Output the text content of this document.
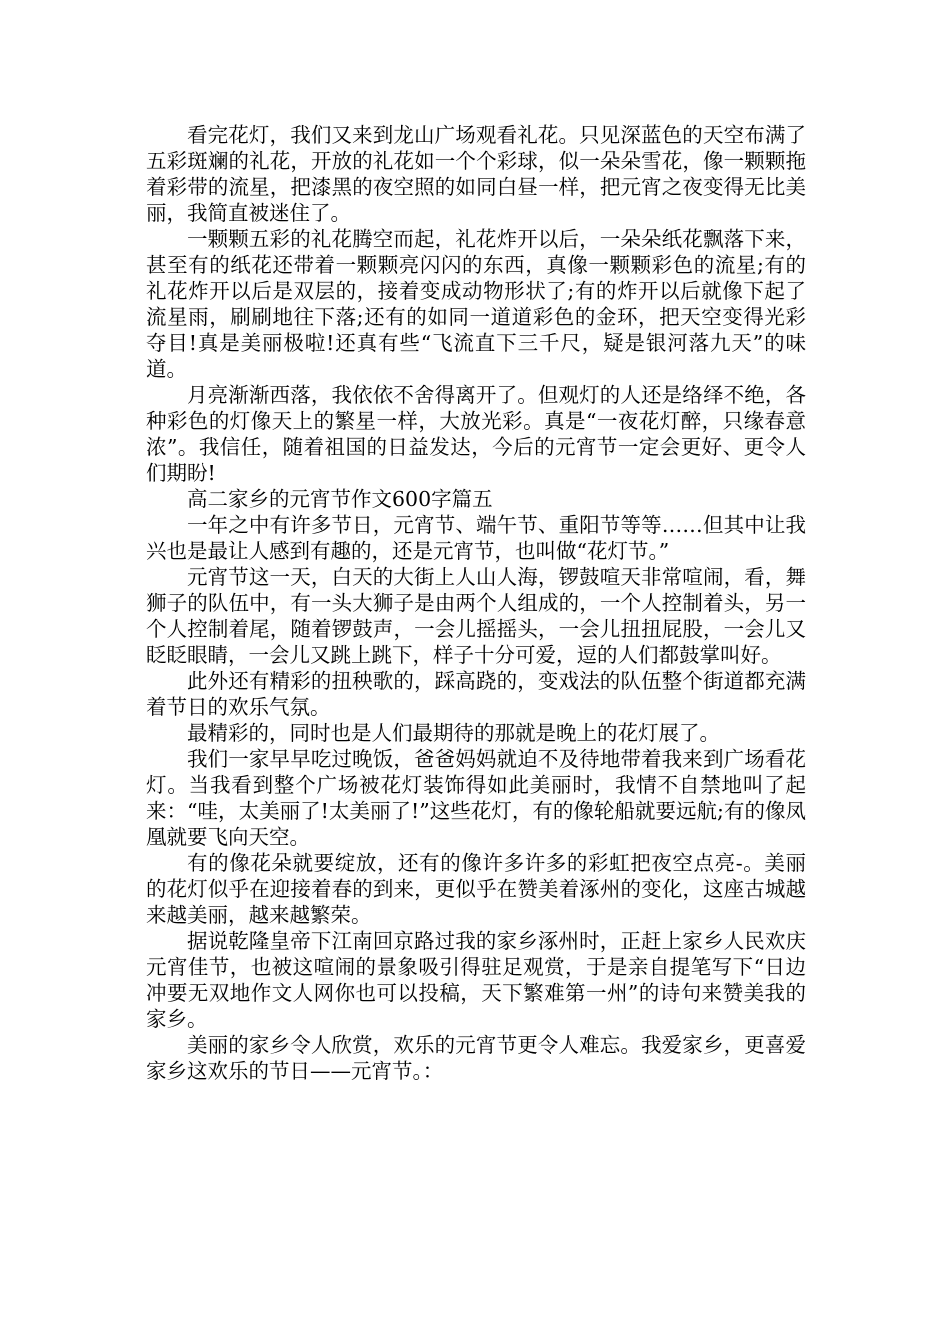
看完花灯，我们又来到龙山广场观看礼花。只见深蓝色的天空布满了五彩斑斓的礼花，开放的礼花如一个个彩球，似一朵朵雪花，像一颗颗拖着彩带的流星，把漆黑的夜空照的如同白昼一样，把元宵之夜变得无比美丽，我简直被迷住了。

一颗颗五彩的礼花腾空而起，礼花炸开以后，一朵朵纸花飘落下来，甚至有的纸花还带着一颗颗亮闪闪的东西，真像一颗颗彩色的流星;有的礼花炸开以后是双层的，接着变成动物形状了;有的炸开以后就像下起了流星雨，刷刷地往下落;还有的如同一道道彩色的金环，把天空变得光彩夺目!真是美丽极啦!还真有些“飞流直下三千尺，疑是银河落九天”的味道。

月亮渐渐西落，我依依不舍得离开了。但观灯的人还是络绎不绝，各种彩色的灯像天上的繁星一样，大放光彩。真是“一夜花灯醉，只缘春意浓”。我信任，随着祖国的日益发达，今后的元宵节一定会更好、更令人们期盼!

高二家乡的元宵节作文600字篇五

一年之中有许多节日，元宵节、端午节、重阳节等等……但其中让我兴也是最让人感到有趣的，还是元宵节，也叫做“花灯节。”

元宵节这一天，白天的大街上人山人海，锣鼓喧天非常喧闹，看，舞狮子的队伍中，有一头大狮子是由两个人组成的，一个人控制着头，另一个人控制着尾，随着锣鼓声，一会儿摇摇头，一会儿扭扭屁股，一会儿又眨眨眼睛，一会儿又跳上跳下，样子十分可爱，逗的人们都鼓掌叫好。

此外还有精彩的扭秧歌的，踩高跷的，变戏法的队伍整个街道都充满着节日的欢乐气氛。

最精彩的，同时也是人们最期待的那就是晚上的花灯展了。

我们一家早早吃过晚饭，爸爸妈妈就迫不及待地带着我来到广场看花灯。当我看到整个广场被花灯装饰得如此美丽时，我情不自禁地叫了起来：“哇，太美丽了!太美丽了!”这些花灯，有的像轮船就要远航;有的像凤凰就要飞向天空。

有的像花朵就要绽放，还有的像许多许多的彩虹把夜空点亮-。美丽的花灯似乎在迎接着春的到来，更似乎在赞美着涿州的变化，这座古城越来越美丽，越来越繁荣。

据说乾隆皇帝下江南回京路过我的家乡涿州时，正赶上家乡人民欢庆元宵佳节，也被这喧闹的景象吸引得驻足观赏，于是亲自提笔写下“日边冲要无双地作文人网你也可以投稿，天下繁难第一州”的诗句来赞美我的家乡。

美丽的家乡令人欣赏，欢乐的元宵节更令人难忘。我爱家乡，更喜爱家乡这欢乐的节日——元宵节。：
